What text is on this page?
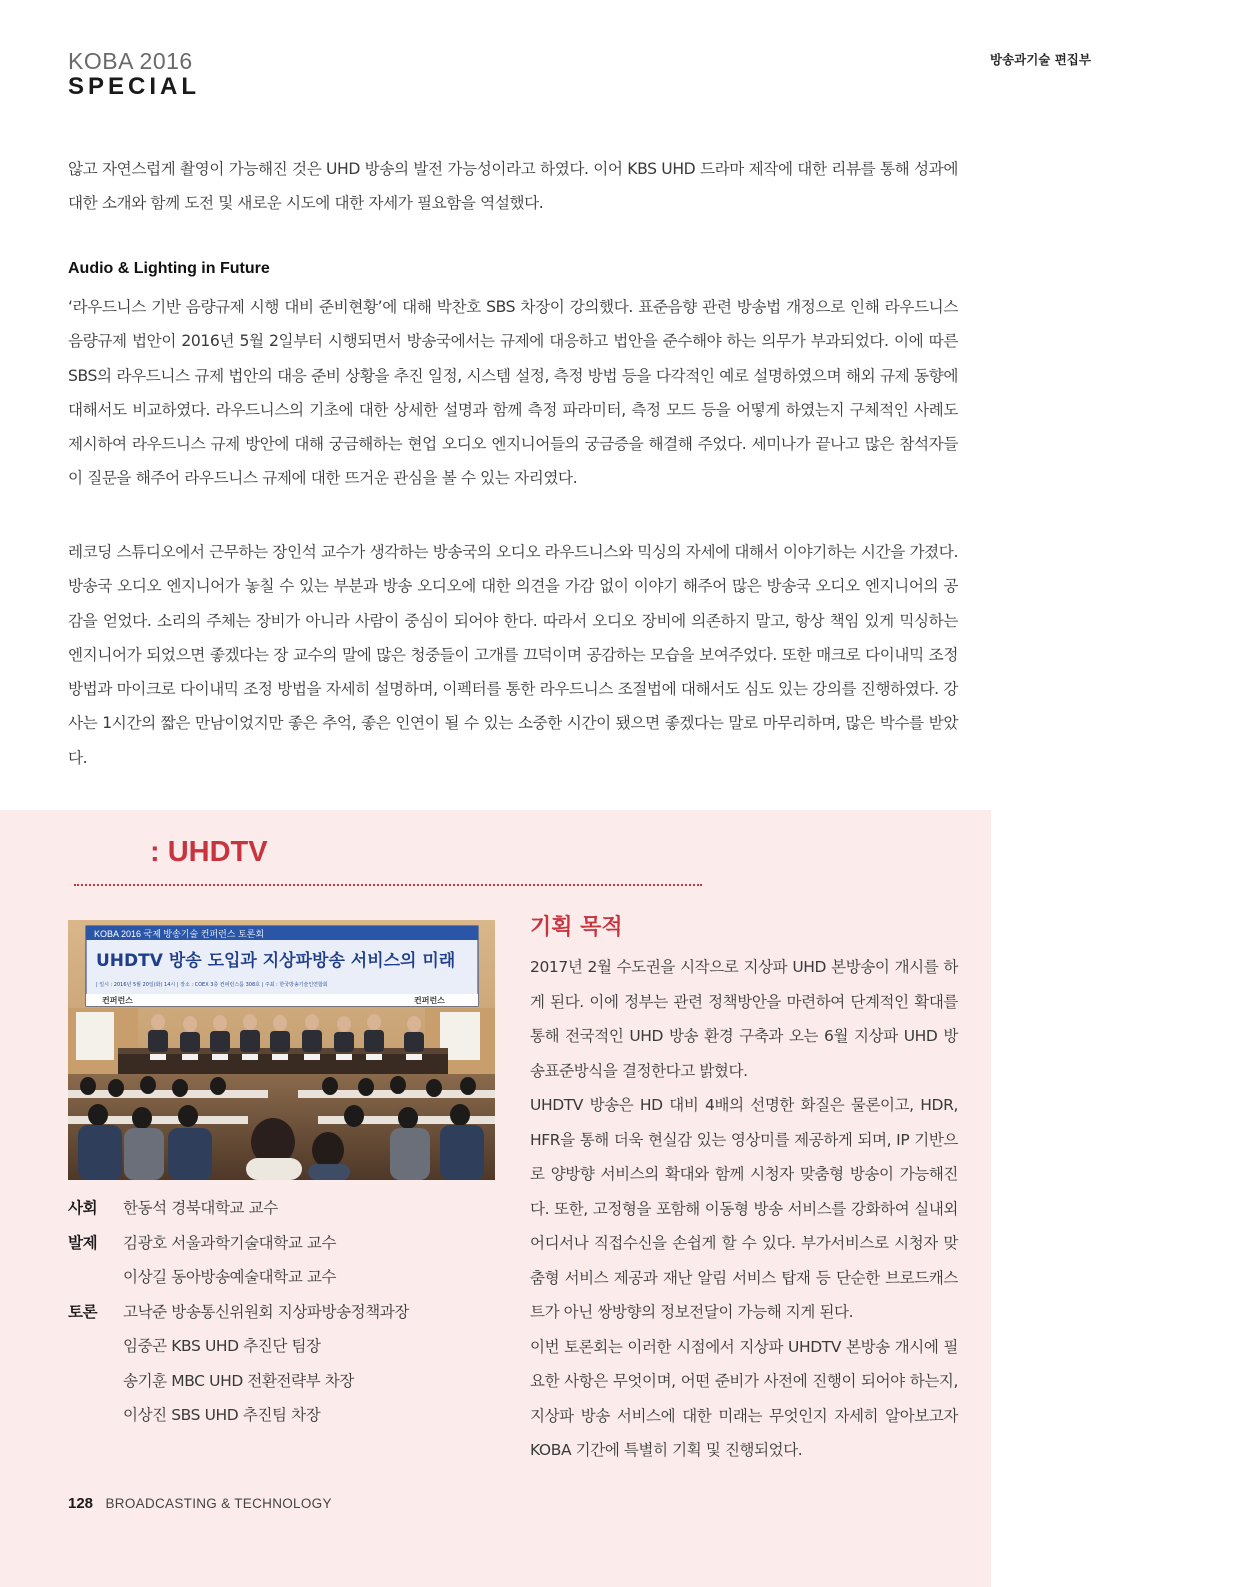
KOBA 2016
SPECIAL
방송과기술 편집부

않고 자연스럽게 촬영이 가능해진 것은 UHD 방송의 발전 가능성이라고 하였다. 이어 KBS UHD 드라마 제작에 대한 리뷰를 통해 성과에 대한 소개와 함께 도전 및 새로운 시도에 대한 자세가 필요함을 역설했다.

Audio & Lighting in Future

‘라우드니스 기반 음량규제 시행 대비 준비현황’에 대해 박찬호 SBS 차장이 강의했다. 표준음향 관련 방송법 개정으로 인해 라우드니스 음량규제 법안이 2016년 5월 2일부터 시행되면서 방송국에서는 규제에 대응하고 법안을 준수해야 하는 의무가 부과되었다. 이에 따른 SBS의 라우드니스 규제 법안의 대응 준비 상황을 추진 일정, 시스템 설정, 측정 방법 등을 다각적인 예로 설명하였으며 해외 규제 동향에 대해서도 비교하였다. 라우드니스의 기초에 대한 상세한 설명과 함께 측정 파라미터, 측정 모드 등을 어떻게 하였는지 구체적인 사례도 제시하여 라우드니스 규제 방안에 대해 궁금해하는 현업 오디오 엔지니어들의 궁금증을 해결해 주었다. 세미나가 끝나고 많은 참석자들이 질문을 해주어 라우드니스 규제에 대한 뜨거운 관심을 볼 수 있는 자리였다.

레코딩 스튜디오에서 근무하는 장인석 교수가 생각하는 방송국의 오디오 라우드니스와 믹싱의 자세에 대해서 이야기하는 시간을 가졌다. 방송국 오디오 엔지니어가 놓칠 수 있는 부분과 방송 오디오에 대한 의견을 가감 없이 이야기 해주어 많은 방송국 오디오 엔지니어의 공감을 얻었다. 소리의 주체는 장비가 아니라 사람이 중심이 되어야 한다. 따라서 오디오 장비에 의존하지 말고, 항상 책임 있게 믹싱하는 엔지니어가 되었으면 좋겠다는 장 교수의 말에 많은 청중들이 고개를 끄덕이며 공감하는 모습을 보여주었다. 또한 매크로 다이내믹 조정 방법과 마이크로 다이내믹 조정 방법을 자세히 설명하며, 이펙터를 통한 라우드니스 조절법에 대해서도 심도 있는 강의를 진행하였다. 강사는 1시간의 짧은 만남이었지만 좋은 추억, 좋은 인연이 될 수 있는 소중한 시간이 됐으면 좋겠다는 말로 마무리하며, 많은 박수를 받았다.

: UHDTV
KOBA 2016 국제 방송기술 컨퍼런스 토론회
UHDTV 방송 도입과 지상파방송 서비스의 미래
| 일시 : 2016년 5월 20일(화) 14시 | 장소 : COEX 3층 컨퍼런스룸 308호 | 주최 : 한국방송기술인연합회
컨퍼런스	컨퍼런스
사회	한동석 경북대학교 교수
발제	김광호 서울과학기술대학교 교수
이상길 동아방송예술대학교 교수
토론	고낙준 방송통신위원회 지상파방송정책과장
임중곤 KBS UHD 추진단 팀장
송기훈 MBC UHD 전환전략부 차장
이상진 SBS UHD 추진팀 차장
기획 목적

2017년 2월 수도권을 시작으로 지상파 UHD 본방송이 개시를 하게 된다. 이에 정부는 관련 정책방안을 마련하여 단계적인 확대를 통해 전국적인 UHD 방송 환경 구축과 오는 6월 지상파 UHD 방송표준방식을 결정한다고 밝혔다.

UHDTV 방송은 HD 대비 4배의 선명한 화질은 물론이고, HDR, HFR을 통해 더욱 현실감 있는 영상미를 제공하게 되며, IP 기반으로 양방향 서비스의 확대와 함께 시청자 맞춤형 방송이 가능해진다. 또한, 고정형을 포함해 이동형 방송 서비스를 강화하여 실내외 어디서나 직접수신을 손쉽게 할 수 있다. 부가서비스로 시청자 맞춤형 서비스 제공과 재난 알림 서비스 탑재 등 단순한 브로드캐스트가 아닌 쌍방향의 정보전달이 가능해 지게 된다.

이번 토론회는 이러한 시점에서 지상파 UHDTV 본방송 개시에 필요한 사항은 무엇이며, 어떤 준비가 사전에 진행이 되어야 하는지, 지상파 방송 서비스에 대한 미래는 무엇인지 자세히 알아보고자 KOBA 기간에 특별히 기획 및 진행되었다.

128 BROADCASTING & TECHNOLOGY
